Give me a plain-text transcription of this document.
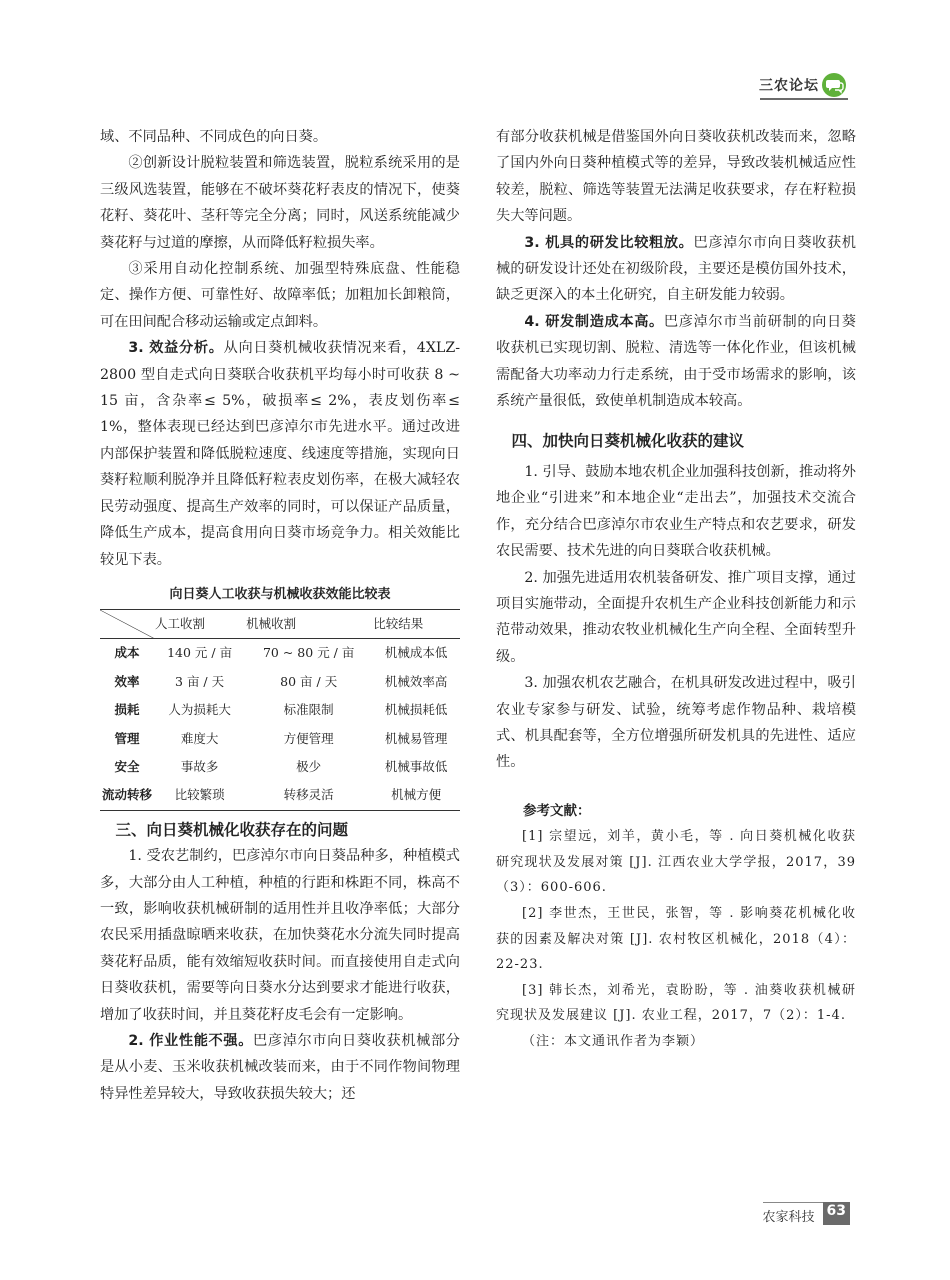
三农论坛

域、不同品种、不同成色的向日葵。

②创新设计脱粒装置和筛选装置，脱粒系统采用的是三级风选装置，能够在不破坏葵花籽表皮的情况下，使葵花籽、葵花叶、茎秆等完全分离；同时，风送系统能减少葵花籽与过道的摩擦，从而降低籽粒损失率。

③采用自动化控制系统、加强型特殊底盘、性能稳定、操作方便、可靠性好、故障率低；加粗加长卸粮筒，可在田间配合移动运输或定点卸料。

3. 效益分析。从向日葵机械收获情况来看，4XLZ-2800 型自走式向日葵联合收获机平均每小时可收获 8 ~ 15 亩，含杂率≤ 5%，破损率≤ 2%，表皮划伤率≤ 1%，整体表现已经达到巴彦淖尔市先进水平。通过改进内部保护装置和降低脱粒速度、线速度等措施，实现向日葵籽粒顺利脱净并且降低籽粒表皮划伤率，在极大减轻农民劳动强度、提高生产效率的同时，可以保证产品质量，降低生产成本，提高食用向日葵市场竞争力。相关效能比较见下表。

向日葵人工收获与机械收获效能比较表
	人工收割	机械收割	比较结果
成本	140 元 / 亩	70 ~ 80 元 / 亩	机械成本低
效率	3 亩 / 天	80 亩 / 天	机械效率高
损耗	人为损耗大	标准限制	机械损耗低
管理	难度大	方便管理	机械易管理
安全	事故多	极少	机械事故低
流动转移	比较繁琐	转移灵活	机械方便
三、向日葵机械化收获存在的问题

1. 受农艺制约，巴彦淖尔市向日葵品种多，种植模式多，大部分由人工种植，种植的行距和株距不同，株高不一致，影响收获机械研制的适用性并且收净率低；大部分农民采用插盘晾晒来收获，在加快葵花水分流失同时提高葵花籽品质，能有效缩短收获时间。而直接使用自走式向日葵收获机，需要等向日葵水分达到要求才能进行收获，增加了收获时间，并且葵花籽皮毛会有一定影响。

2. 作业性能不强。巴彦淖尔市向日葵收获机械部分是从小麦、玉米收获机械改装而来，由于不同作物间物理特异性差异较大，导致收获损失较大；还

有部分收获机械是借鉴国外向日葵收获机改装而来，忽略了国内外向日葵种植模式等的差异，导致改装机械适应性较差，脱粒、筛选等装置无法满足收获要求，存在籽粒损失大等问题。

3. 机具的研发比较粗放。巴彦淖尔市向日葵收获机械的研发设计还处在初级阶段，主要还是模仿国外技术，缺乏更深入的本土化研究，自主研发能力较弱。

4. 研发制造成本高。巴彦淖尔市当前研制的向日葵收获机已实现切割、脱粒、清选等一体化作业，但该机械需配备大功率动力行走系统，由于受市场需求的影响，该系统产量很低，致使单机制造成本较高。

四、加快向日葵机械化收获的建议

1. 引导、鼓励本地农机企业加强科技创新，推动将外地企业“引进来”和本地企业“走出去”，加强技术交流合作，充分结合巴彦淖尔市农业生产特点和农艺要求，研发农民需要、技术先进的向日葵联合收获机械。

2. 加强先进适用农机装备研发、推广项目支撑，通过项目实施带动，全面提升农机生产企业科技创新能力和示范带动效果，推动农牧业机械化生产向全程、全面转型升级。

3. 加强农机农艺融合，在机具研发改进过程中，吸引农业专家参与研发、试验，统筹考虑作物品种、栽培模式、机具配套等，全方位增强所研发机具的先进性、适应性。

参考文献：

[1] 宗望远，刘羊，黄小毛，等 . 向日葵机械化收获研究现状及发展对策 [J]. 江西农业大学学报，2017，39（3）：600-606.

[2] 李世杰，王世民，张智，等 . 影响葵花机械化收获的因素及解决对策 [J]. 农村牧区机械化，2018（4）：22-23.

[3] 韩长杰，刘希光，袁盼盼，等 . 油葵收获机械研究现状及发展建议 [J]. 农业工程，2017，7（2）：1-4.

（注：本文通讯作者为李颖）

农家科技 63
